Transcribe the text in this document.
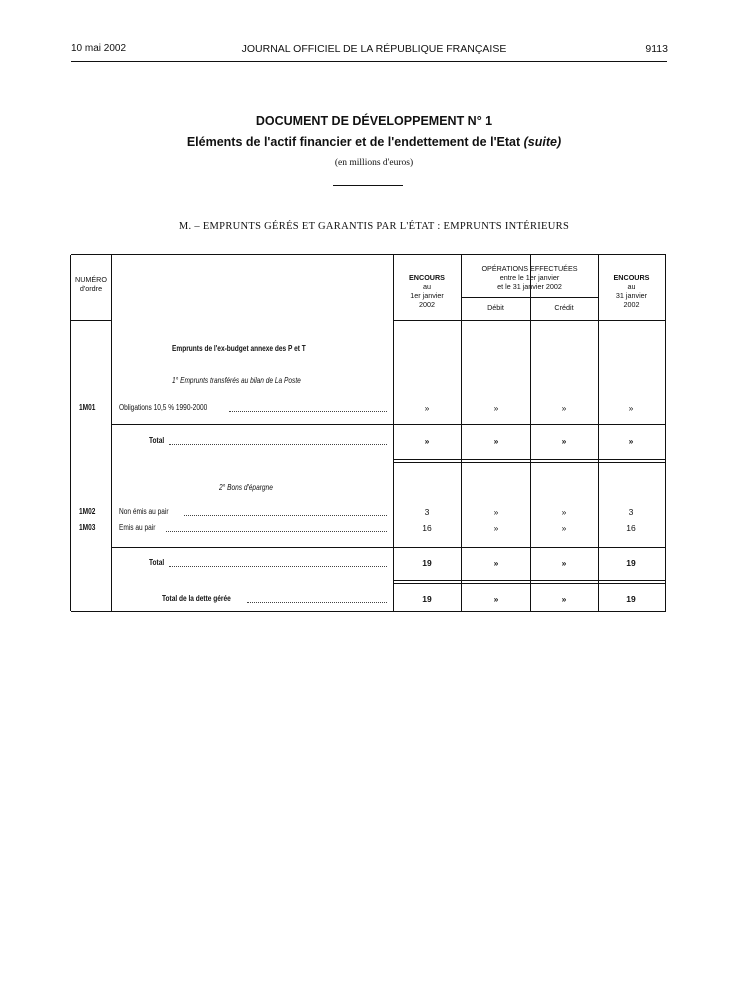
10 mai 2002	JOURNAL OFFICIEL DE LA RÉPUBLIQUE FRANÇAISE	9113
DOCUMENT DE DÉVELOPPEMENT N° 1
Eléments de l'actif financier et de l'endettement de l'Etat (suite)
(en millions d'euros)
M. – EMPRUNTS GÉRÉS ET GARANTIS PAR L'ÉTAT : EMPRUNTS INTÉRIEURS
NUMÉRO
d'ordre
ENCOURS
au
1er janvier
2002
OPÉRATIONS EFFECTUÉES
entre le 1er janvier
et le 31 janvier 2002
Débit	Crédit
ENCOURS
au
31 janvier
2002
Emprunts de l'ex-budget annexe des P et T
1° Emprunts transférés au bilan de La Poste
1M01	Obligations 10,5 % 1990-2000	»	»	»	»
Total	»	»	»	»
2° Bons d'épargne
1M02	Non émis au pair	3	»	»	3
1M03	Emis au pair	16	»	»	16
Total	19	»	»	19
Total de la dette gérée	19	»	»	19
